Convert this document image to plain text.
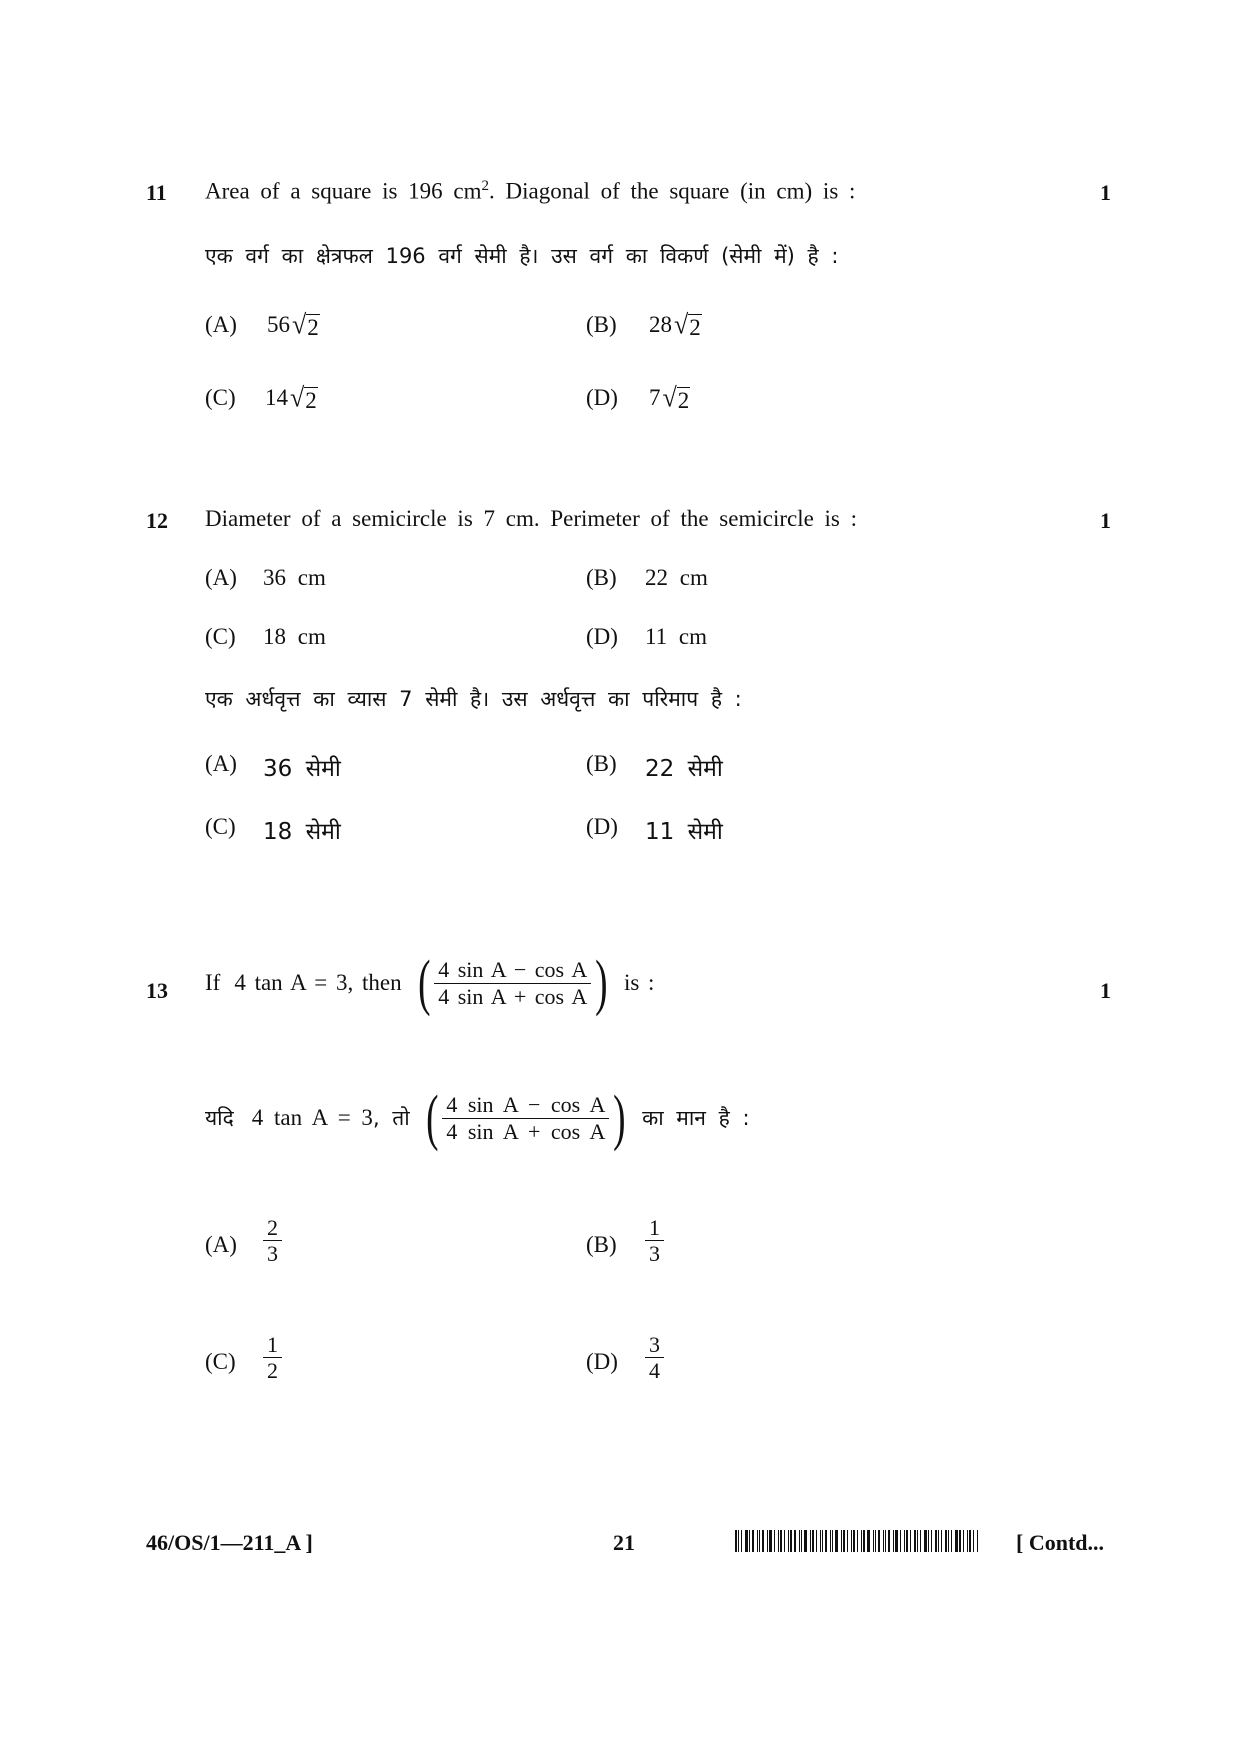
11 Area of a square is 196 $cm^2$. Diagonal of the square (in cm) is :	1
एक वर्ग का क्षेत्रफल 196 वर्ग सेमी है। उस वर्ग का विकर्ण (सेमी में) है :
(A) 56 √ 2	(B) 28 √ 2
(C) 14 √ 2	(D) 7 √ 2
12 Diameter of a semicircle is 7 cm. Perimeter of the semicircle is :	1
(A) 36 cm	(B) 22 cm
(C) 18 cm	(D) 11 cm
एक अर्धवृत्त का व्यास 7 सेमी है। उस अर्धवृत्त का परिमाप है :
(A) 36 सेमी	(B) 22 सेमी
(C) 18 सेमी	(D) 11 सेमी
13	1
If 4 tan A = 3 , then ( $\frac{\text{4 sin A − cos A}}{\text{4 sin A + cos A}}$ ) is :
यदि 4 tan A = 3 , तो ( $\frac{\text{4 sin A − cos A}}{\text{4 sin A + cos A}}$ ) का मान है :
$(A) \frac{2}{3}$	$(B) \frac{1}{3}$
$(C) \frac{1}{2}$	$(D) \frac{3}{4}$
46/OS/1—211_A ]	21	[ Contd...
